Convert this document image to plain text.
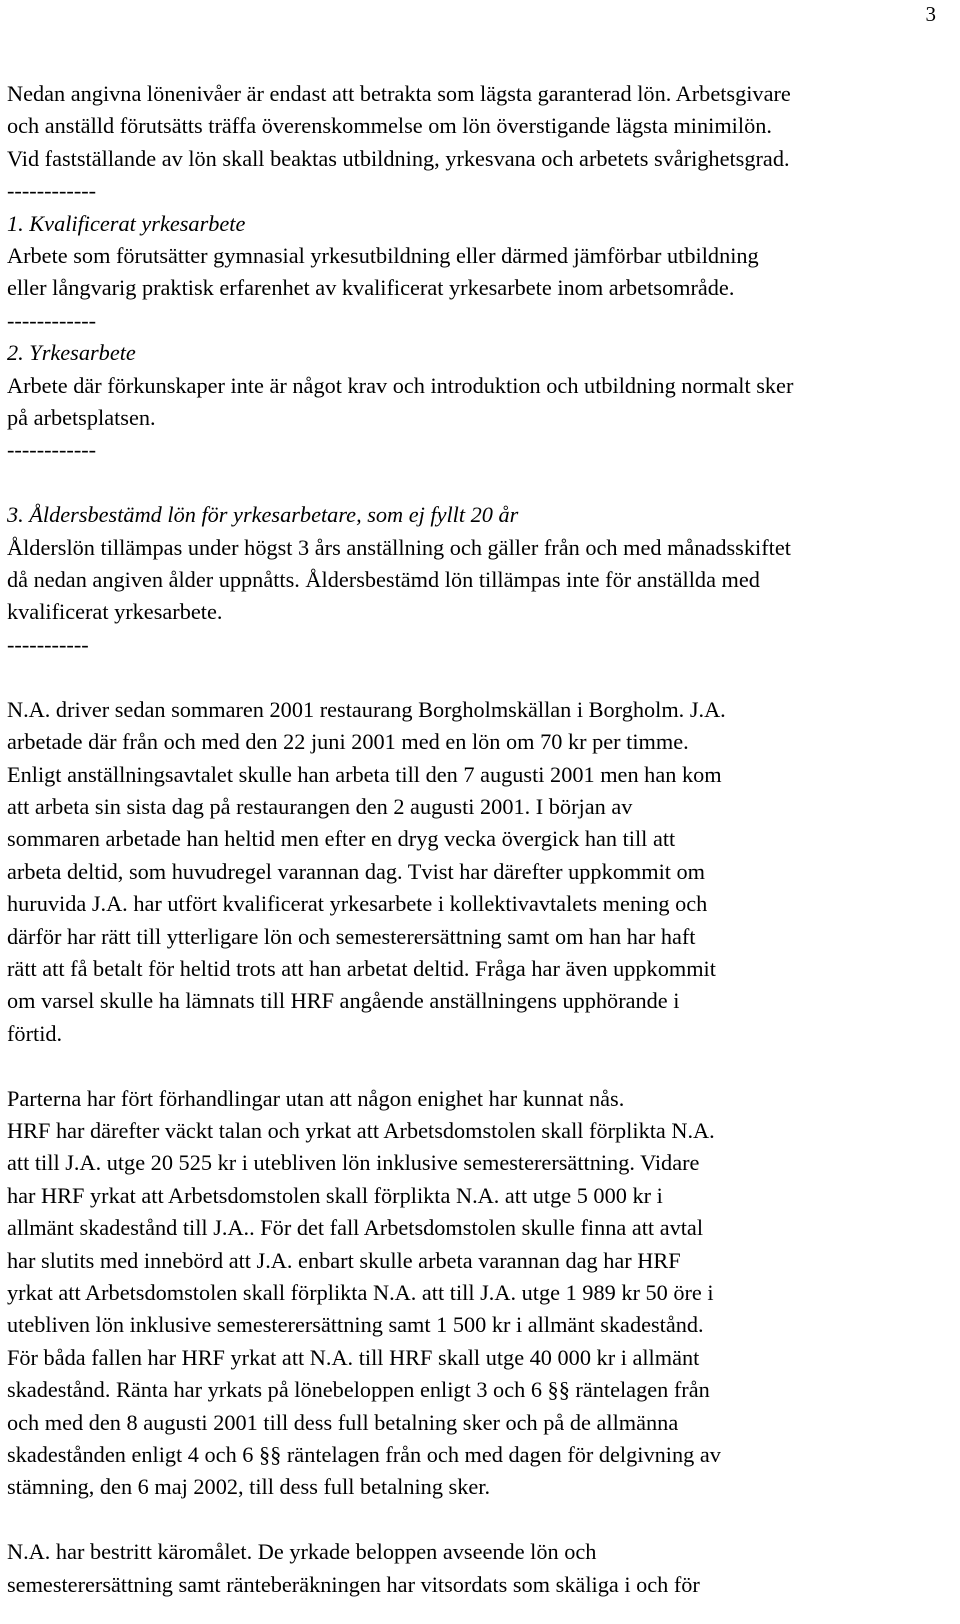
3
Nedan angivna lönenivåer är endast att betrakta som lägsta garanterad lön. Arbetsgivare
och anställd förutsätts träffa överenskommelse om lön överstigande lägsta minimilön.
Vid fastställande av lön skall beaktas utbildning, yrkesvana och arbetets svårighetsgrad.
------------
1. Kvalificerat yrkesarbete
Arbete som förutsätter gymnasial yrkesutbildning eller därmed jämförbar utbildning
eller långvarig praktisk erfarenhet av kvalificerat yrkesarbete inom arbetsområde.
------------
2. Yrkesarbete
Arbete där förkunskaper inte är något krav och introduktion och utbildning normalt sker
på arbetsplatsen.
------------
3. Åldersbestämd lön för yrkesarbetare, som ej fyllt 20 år
Ålderslön tillämpas under högst 3 års anställning och gäller från och med månadsskiftet
då nedan angiven ålder uppnåtts. Åldersbestämd lön tillämpas inte för anställda med
kvalificerat yrkesarbete.
-----------
N.A. driver sedan sommaren 2001 restaurang Borgholmskällan i Borgholm. J.A.
arbetade där från och med den 22 juni 2001 med en lön om 70 kr per timme.
Enligt anställningsavtalet skulle han arbeta till den 7 augusti 2001 men han kom
att arbeta sin sista dag på restaurangen den 2 augusti 2001. I början av
sommaren arbetade han heltid men efter en dryg vecka övergick han till att
arbeta deltid, som huvudregel varannan dag. Tvist har därefter uppkommit om
huruvida J.A. har utfört kvalificerat yrkesarbete i kollektivavtalets mening och
därför har rätt till ytterligare lön och semesterersättning samt om han har haft
rätt att få betalt för heltid trots att han arbetat deltid. Fråga har även uppkommit
om varsel skulle ha lämnats till HRF angående anställningens upphörande i
förtid.
Parterna har fört förhandlingar utan att någon enighet har kunnat nås.
HRF har därefter väckt talan och yrkat att Arbetsdomstolen skall förplikta N.A.
att till J.A. utge 20 525 kr i utebliven lön inklusive semesterersättning. Vidare
har HRF yrkat att Arbetsdomstolen skall förplikta N.A. att utge 5 000 kr i
allmänt skadestånd till J.A.. För det fall Arbetsdomstolen skulle finna att avtal
har slutits med innebörd att J.A. enbart skulle arbeta varannan dag har HRF
yrkat att Arbetsdomstolen skall förplikta N.A. att till J.A. utge 1 989 kr 50 öre i
utebliven lön inklusive semesterersättning samt 1 500 kr i allmänt skadestånd.
För båda fallen har HRF yrkat att N.A. till HRF skall utge 40 000 kr i allmänt
skadestånd. Ränta har yrkats på lönebeloppen enligt 3 och 6 §§ räntelagen från
och med den 8 augusti 2001 till dess full betalning sker och på de allmänna
skadestånden enligt 4 och 6 §§ räntelagen från och med dagen för delgivning av
stämning, den 6 maj 2002, till dess full betalning sker.
N.A. har bestritt käromålet. De yrkade beloppen avseende lön och
semesterersättning samt ränteberäkningen har vitsordats som skäliga i och för
